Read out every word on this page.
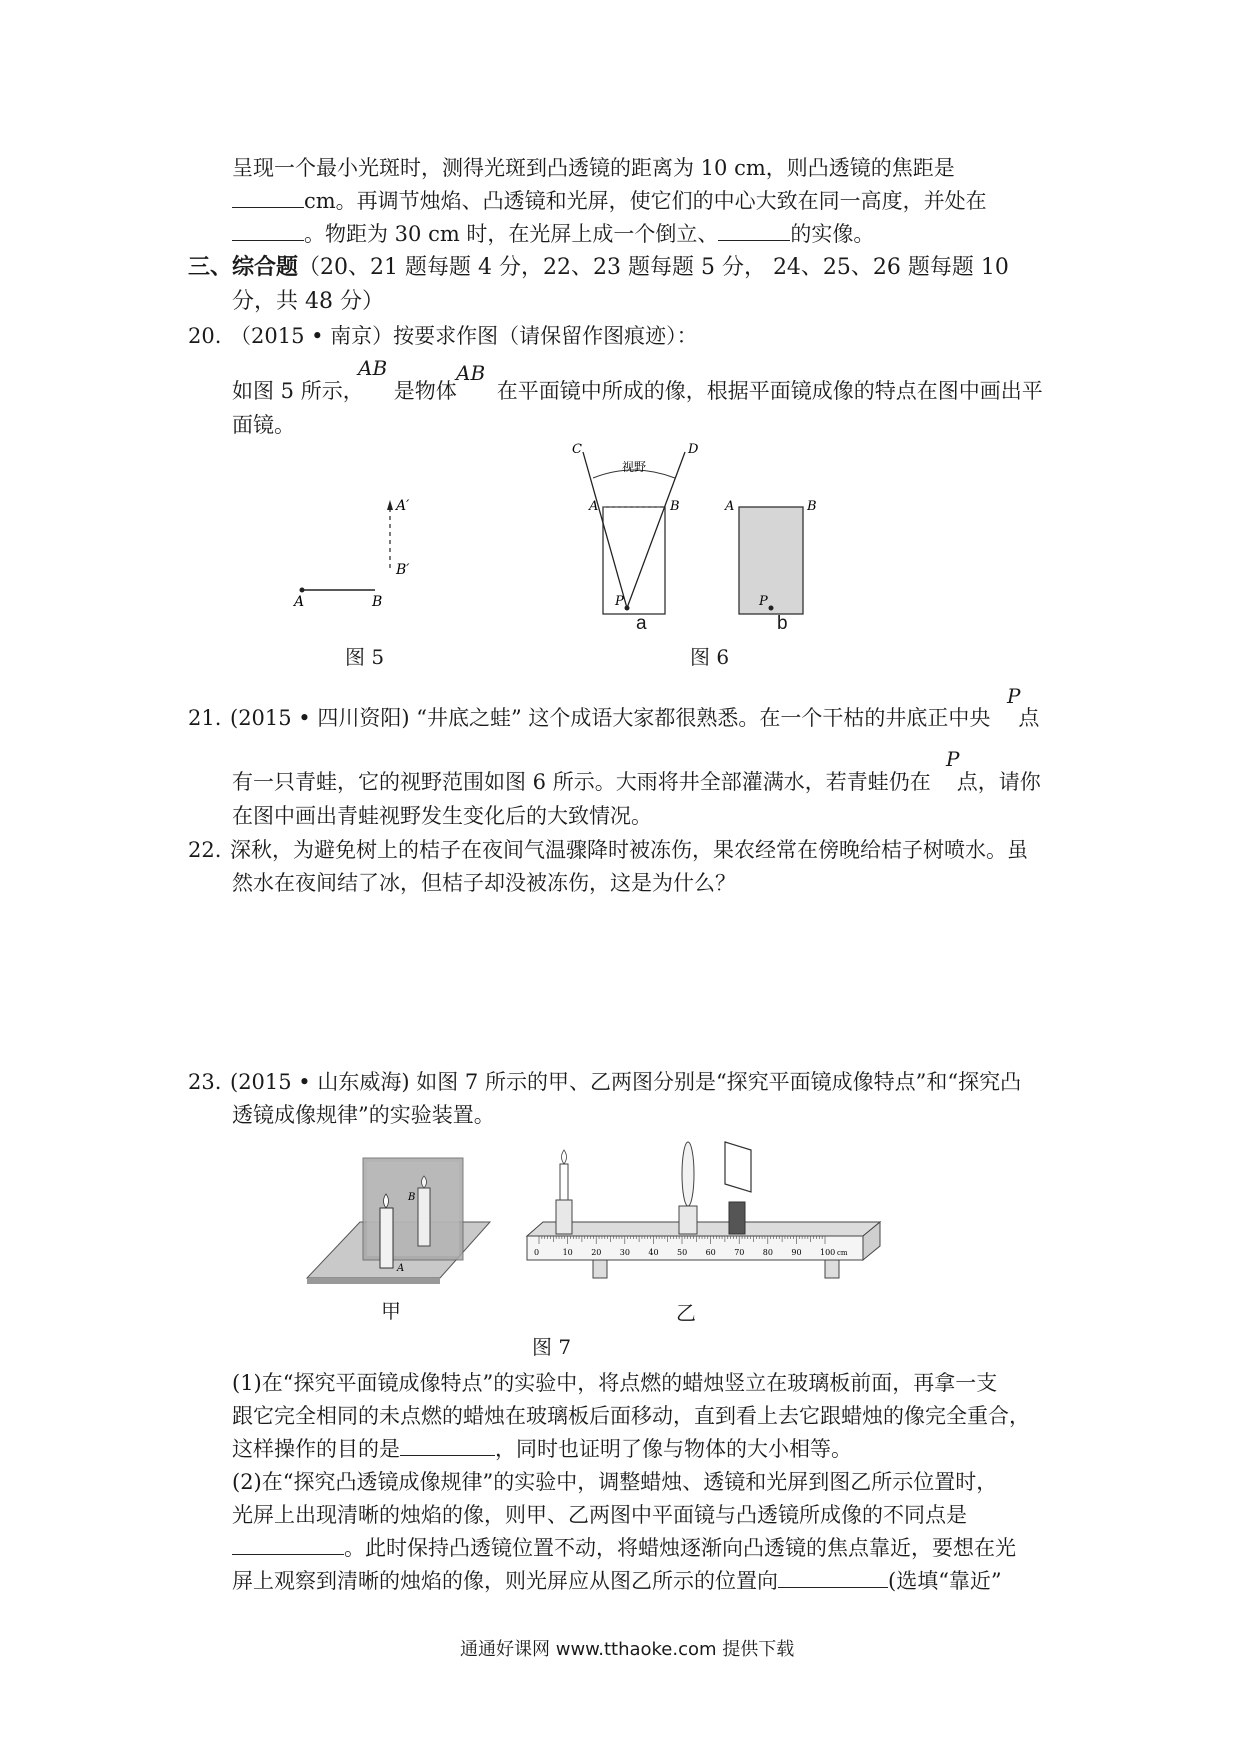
呈现一个最小光斑时，测得光斑到凸透镜的距离为 10 cm，则凸透镜的焦距是
cm。再调节烛焰、凸透镜和光屏，使它们的中心大致在同一高度，并处在
。物距为 30 cm 时，在光屏上成一个倒立、	的实像。
三、综合题（20、21 题每题 4 分，22、23 题每题 5 分， 24、25、26 题每题 10
分，共 48 分）
20. （2015 • 南京）按要求作图（请保留作图痕迹）：
AB	AB
如图 5 所示， 是物体 在平面镜中所成的像，根据平面镜成像的特点在图中画出平
面镜。
A	B
A′
B′
图 5
C	D
视野
A	B
P
A	B
P
a	b
图 6
P
21. (2015 • 四川资阳) “井底之蛙” 这个成语大家都很熟悉。在一个干枯的井底正中央 点
P
有一只青蛙，它的视野范围如图 6 所示。大雨将井全部灌满水，若青蛙仍在 点，请你
在图中画出青蛙视野发生变化后的大致情况。
22. 深秋，为避免树上的桔子在夜间气温骤降时被冻伤，果农经常在傍晚给桔子树喷水。虽
然水在夜间结了冰，但桔子却没被冻伤，这是为什么？
23. (2015 • 山东威海) 如图 7 所示的甲、乙两图分别是“探究平面镜成像特点”和“探究凸
透镜成像规律”的实验装置。
A
B
0	10 20 30 40 50 60 70 80 90 100 cm
甲	乙
图 7
(1)在“探究平面镜成像特点”的实验中，将点燃的蜡烛竖立在玻璃板前面，再拿一支
跟它完全相同的未点燃的蜡烛在玻璃板后面移动，直到看上去它跟蜡烛的像完全重合，
这样操作的目的是	，同时也证明了像与物体的大小相等。
(2)在“探究凸透镜成像规律”的实验中，调整蜡烛、透镜和光屏到图乙所示位置时，
光屏上出现清晰的烛焰的像，则甲、乙两图中平面镜与凸透镜所成像的不同点是
。此时保持凸透镜位置不动，将蜡烛逐渐向凸透镜的焦点靠近，要想在光
屏上观察到清晰的烛焰的像，则光屏应从图乙所示的位置向	(选填“靠近”
通通好课网 www.tthaoke.com 提供下载
